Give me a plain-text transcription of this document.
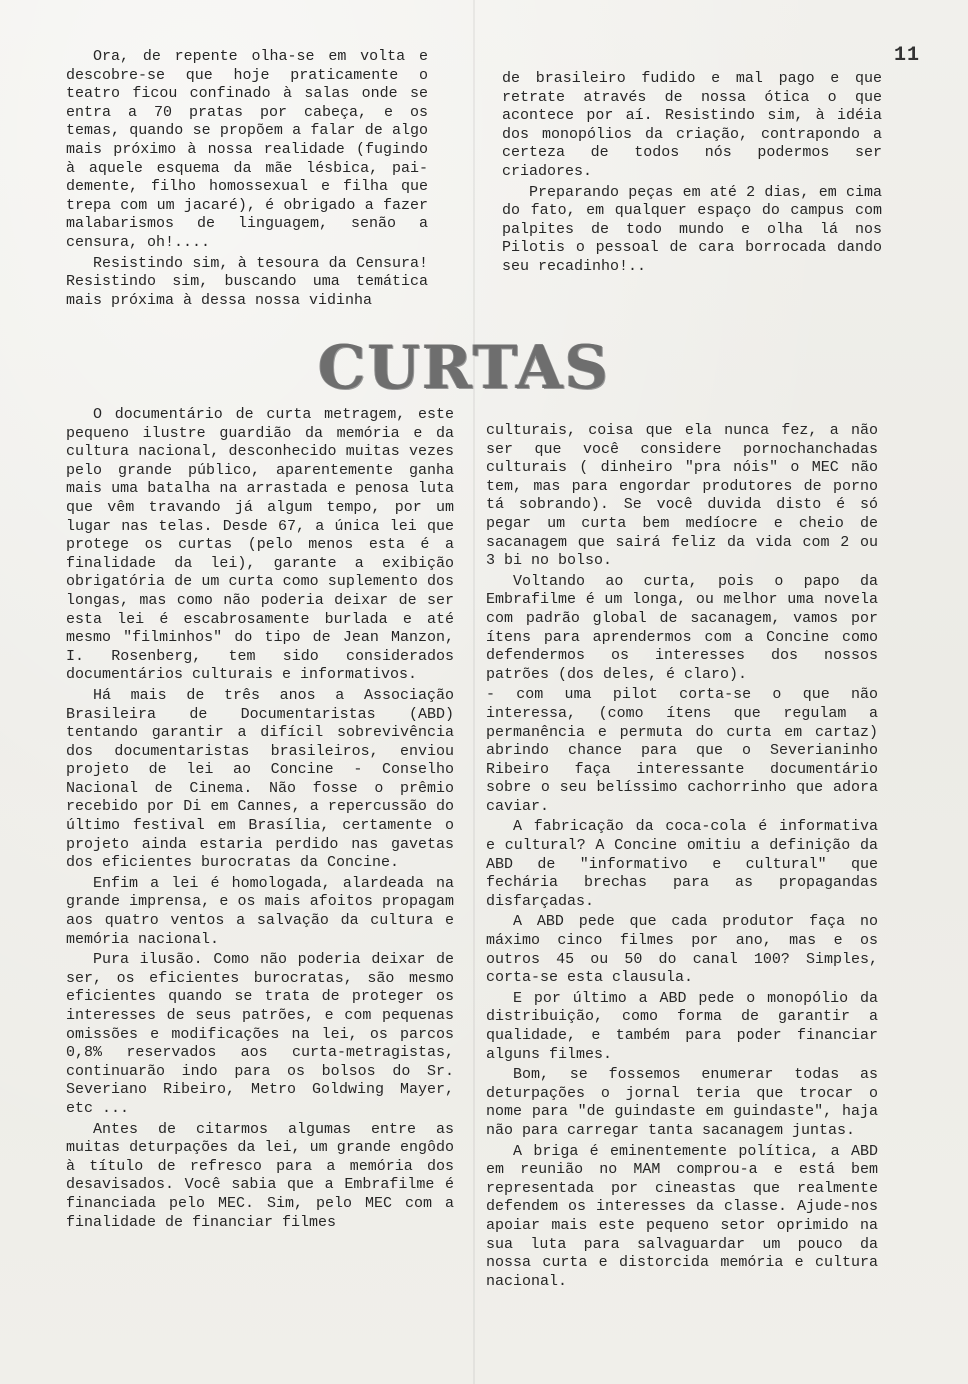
11

Ora, de repente olha-se em volta e descobre-se que hoje praticamente o teatro ficou confinado à salas onde se entra a 70 pratas por cabeça, e os temas, quando se propõem a falar de algo mais próximo à nossa realidade (fugindo à aquele esquema da mãe lésbica, pai-demente, filho homossexual e filha que trepa com um jacaré), é obrigado a fazer malabarismos de linguagem, senão a censura, oh!....

Resistindo sim, à tesoura da Censura! Resistindo sim, buscando uma temática mais próxima à dessa nossa vidinha

de brasileiro fudido e mal pago e que retrate através de nossa ótica o que acontece por aí. Resistindo sim, à idéia dos monopólios da criação, contrapondo a certeza de todos nós podermos ser criadores.

Preparando peças em até 2 dias, em cima do fato, em qualquer espaço do campus com palpites de todo mundo e olha lá nos Pilotis o pessoal de cara borrocada dando seu recadinho!..

CURTAS

O documentário de curta metragem, este pequeno ilustre guardião da memória e da cultura nacional, desconhecido muitas vezes pelo grande público, aparentemente ganha mais uma batalha na arrastada e penosa luta que vêm travando já algum tempo, por um lugar nas telas. Desde 67, a única lei que protege os curtas (pelo menos esta é a finalidade da lei), garante a exibição obrigatória de um curta como suplemento dos longas, mas como não poderia deixar de ser esta lei é escabrosamente burlada e até mesmo "filminhos" do tipo de Jean Manzon, I. Rosenberg, tem sido considerados documentários culturais e informativos.

Há mais de três anos a Associação Brasileira de Documentaristas (ABD) tentando garantir a difícil sobrevivência dos documentaristas brasileiros, enviou projeto de lei ao Concine - Conselho Nacional de Cinema. Não fosse o prêmio recebido por Di em Cannes, a repercussão do último festival em Brasília, certamente o projeto ainda estaria perdido nas gavetas dos eficientes burocratas da Concine.

Enfim a lei é homologada, alardeada na grande imprensa, e os mais afoitos propagam aos quatro ventos a salvação da cultura e memória nacional.

Pura ilusão. Como não poderia deixar de ser, os eficientes burocratas, são mesmo eficientes quando se trata de proteger os interesses de seus patrões, e com pequenas omissões e modificações na lei, os parcos 0,8% reservados aos curta-metragistas, continuarão indo para os bolsos do Sr. Severiano Ribeiro, Metro Goldwing Mayer, etc ...

Antes de citarmos algumas entre as muitas deturpações da lei, um grande engôdo à título de refresco para a memória dos desavisados. Você sabia que a Embrafilme é financiada pelo MEC. Sim, pelo MEC com a finalidade de financiar filmes

culturais, coisa que ela nunca fez, a não ser que você considere pornochanchadas culturais ( dinheiro "pra nóis" o MEC não tem, mas para engordar produtores de porno tá sobrando). Se você duvida disto é só pegar um curta bem medíocre e cheio de sacanagem que sairá feliz da vida com 2 ou 3 bi no bolso.

Voltando ao curta, pois o papo da Embrafilme é um longa, ou melhor uma novela com padrão global de sacanagem, vamos por ítens para aprendermos com a Concine como defendermos os interesses dos nossos patrões (dos deles, é claro).

- com uma pilot corta-se o que não interessa, (como ítens que regulam a permanência e permuta do curta em cartaz) abrindo chance para que o Severianinho Ribeiro faça interessante documentário sobre o seu belíssimo cachorrinho que adora caviar.

A fabricação da coca-cola é informativa e cultural? A Concine omitiu a definição da ABD de "informativo e cultural" que fechária brechas para as propagandas disfarçadas.

A ABD pede que cada produtor faça no máximo cinco filmes por ano, mas e os outros 45 ou 50 do canal 100? Simples, corta-se esta clausula.

E por último a ABD pede o monopólio da distribuição, como forma de garantir a qualidade, e também para poder financiar alguns filmes.

Bom, se fossemos enumerar todas as deturpações o jornal teria que trocar o nome para "de guindaste em guindaste", haja não para carregar tanta sacanagem juntas.

A briga é eminentemente política, a ABD em reunião no MAM comprou-a e está bem representada por cineastas que realmente defendem os interesses da classe. Ajude-nos apoiar mais este pequeno setor oprimido na sua luta para salvaguardar um pouco da nossa curta e distorcida memória e cultura nacional.
